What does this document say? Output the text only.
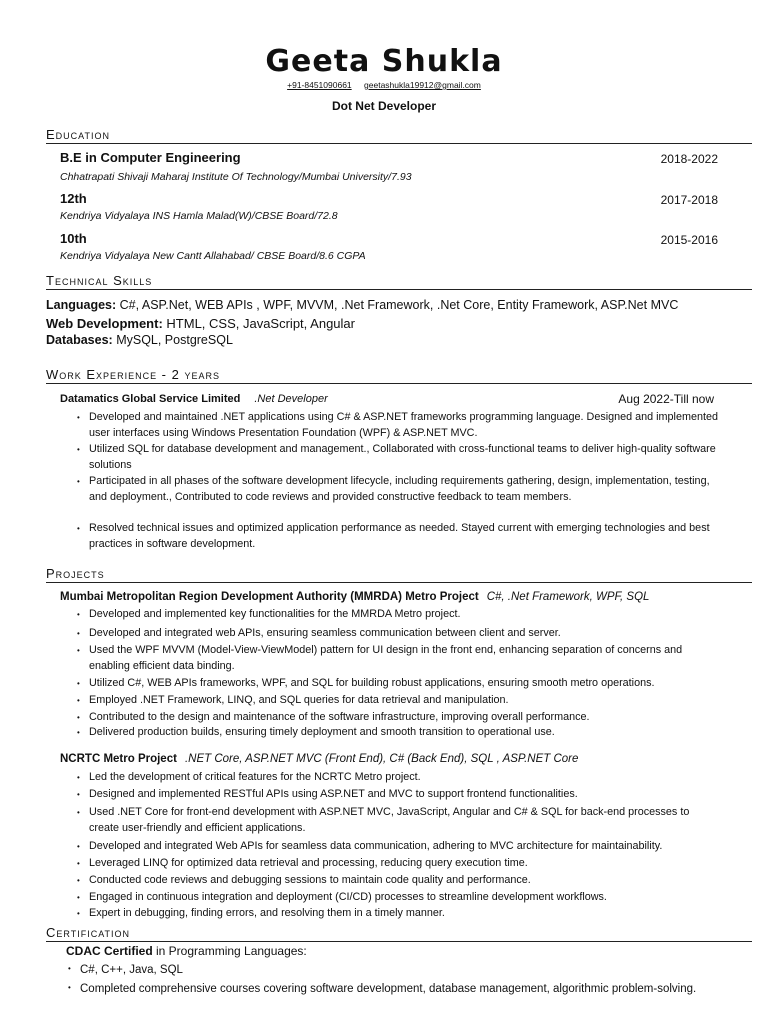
Geeta Shukla
+91-8451090661 geetashukla19912@gmail.com
Dot Net Developer
Education
B.E in Computer Engineering	2018-2022
Chhatrapati Shivaji Maharaj Institute Of Technology/Mumbai University/7.93
12th	2017-2018
Kendriya Vidyalaya INS Hamla Malad(W)/CBSE Board/72.8
10th	2015-2016
Kendriya Vidyalaya New Cantt Allahabad/ CBSE Board/8.6 CGPA
Technical Skills
Languages: C#, ASP.Net, WEB APIs , WPF, MVVM, .Net Framework, .Net Core, Entity Framework, ASP.Net MVC
Web Development: HTML, CSS, JavaScript, Angular
Databases: MySQL, PostgreSQL
Work Experience - 2 years
Datamatics Global Service Limited .Net Developer	Aug 2022-Till now
• Developed and maintained .NET applications using C# & ASP.NET frameworks programming language. Designed and implemented user interfaces using Windows Presentation Foundation (WPF) & ASP.NET MVC.
• Utilized SQL for database development and management., Collaborated with cross-functional teams to deliver high-quality software solutions
• Participated in all phases of the software development lifecycle, including requirements gathering, design, implementation, testing, and deployment., Contributed to code reviews and provided constructive feedback to team members.
• Resolved technical issues and optimized application performance as needed. Stayed current with emerging technologies and best practices in software development.
Projects
Mumbai Metropolitan Region Development Authority (MMRDA) Metro Project C#, .Net Framework, WPF, SQL
• Developed and implemented key functionalities for the MMRDA Metro project.
• Developed and integrated web APIs, ensuring seamless communication between client and server.
• Used the WPF MVVM (Model-View-ViewModel) pattern for UI design in the front end, enhancing separation of concerns and enabling efficient data binding.
• Utilized C#, WEB APIs frameworks, WPF, and SQL for building robust applications, ensuring smooth metro operations.
• Employed .NET Framework, LINQ, and SQL queries for data retrieval and manipulation.
• Contributed to the design and maintenance of the software infrastructure, improving overall performance.
• Delivered production builds, ensuring timely deployment and smooth transition to operational use.
NCRTC Metro Project .NET Core, ASP.NET MVC (Front End), C# (Back End), SQL , ASP.NET Core
• Led the development of critical features for the NCRTC Metro project.
• Designed and implemented RESTful APIs using ASP.NET and MVC to support frontend functionalities.
• Used .NET Core for front-end development with ASP.NET MVC, JavaScript, Angular and C# & SQL for back-end processes to create user-friendly and efficient applications.
• Developed and integrated Web APIs for seamless data communication, adhering to MVC architecture for maintainability.
• Leveraged LINQ for optimized data retrieval and processing, reducing query execution time.
• Conducted code reviews and debugging sessions to maintain code quality and performance.
• Engaged in continuous integration and deployment (CI/CD) processes to streamline development workflows.
• Expert in debugging, finding errors, and resolving them in a timely manner.
Certification
CDAC Certified in Programming Languages:
• C#, C++, Java, SQL
• Completed comprehensive courses covering software development, database management, algorithmic problem-solving.
